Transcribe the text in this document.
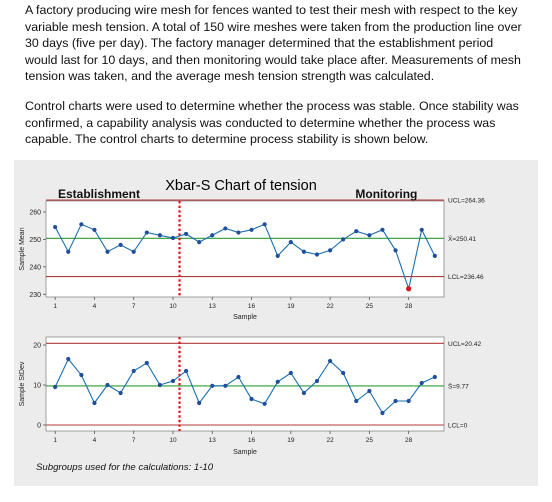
A factory producing wire mesh for fences wanted to test their mesh with respect to the key variable mesh tension. A total of 150 wire meshes were taken from the production line over 30 days (five per day). The factory manager determined that the establishment period would last for 10 days, and then monitoring would take place after. Measurements of mesh tension was taken, and the average mesh tension strength was calculated.

Control charts were used to determine whether the process was stable. Once stability was confirmed, a capability analysis was conducted to determine whether the process was capable. The control charts to determine process stability is shown below.

Xbar-S Chart of tension
230
240
250
260
1	4	7	10	13	16	19	22	25	28
Sample
Sample Mean
UCL=264.36
X̄=250.41
LCL=236.46
0
10
20
1	4	7	10	13	16	19	22	25	28
Sample
Sample StDev
UCL=20.42
S̄=9.77
LCL=0
Establishment	Monitoring
Subgroups used for the calculations: 1-10
